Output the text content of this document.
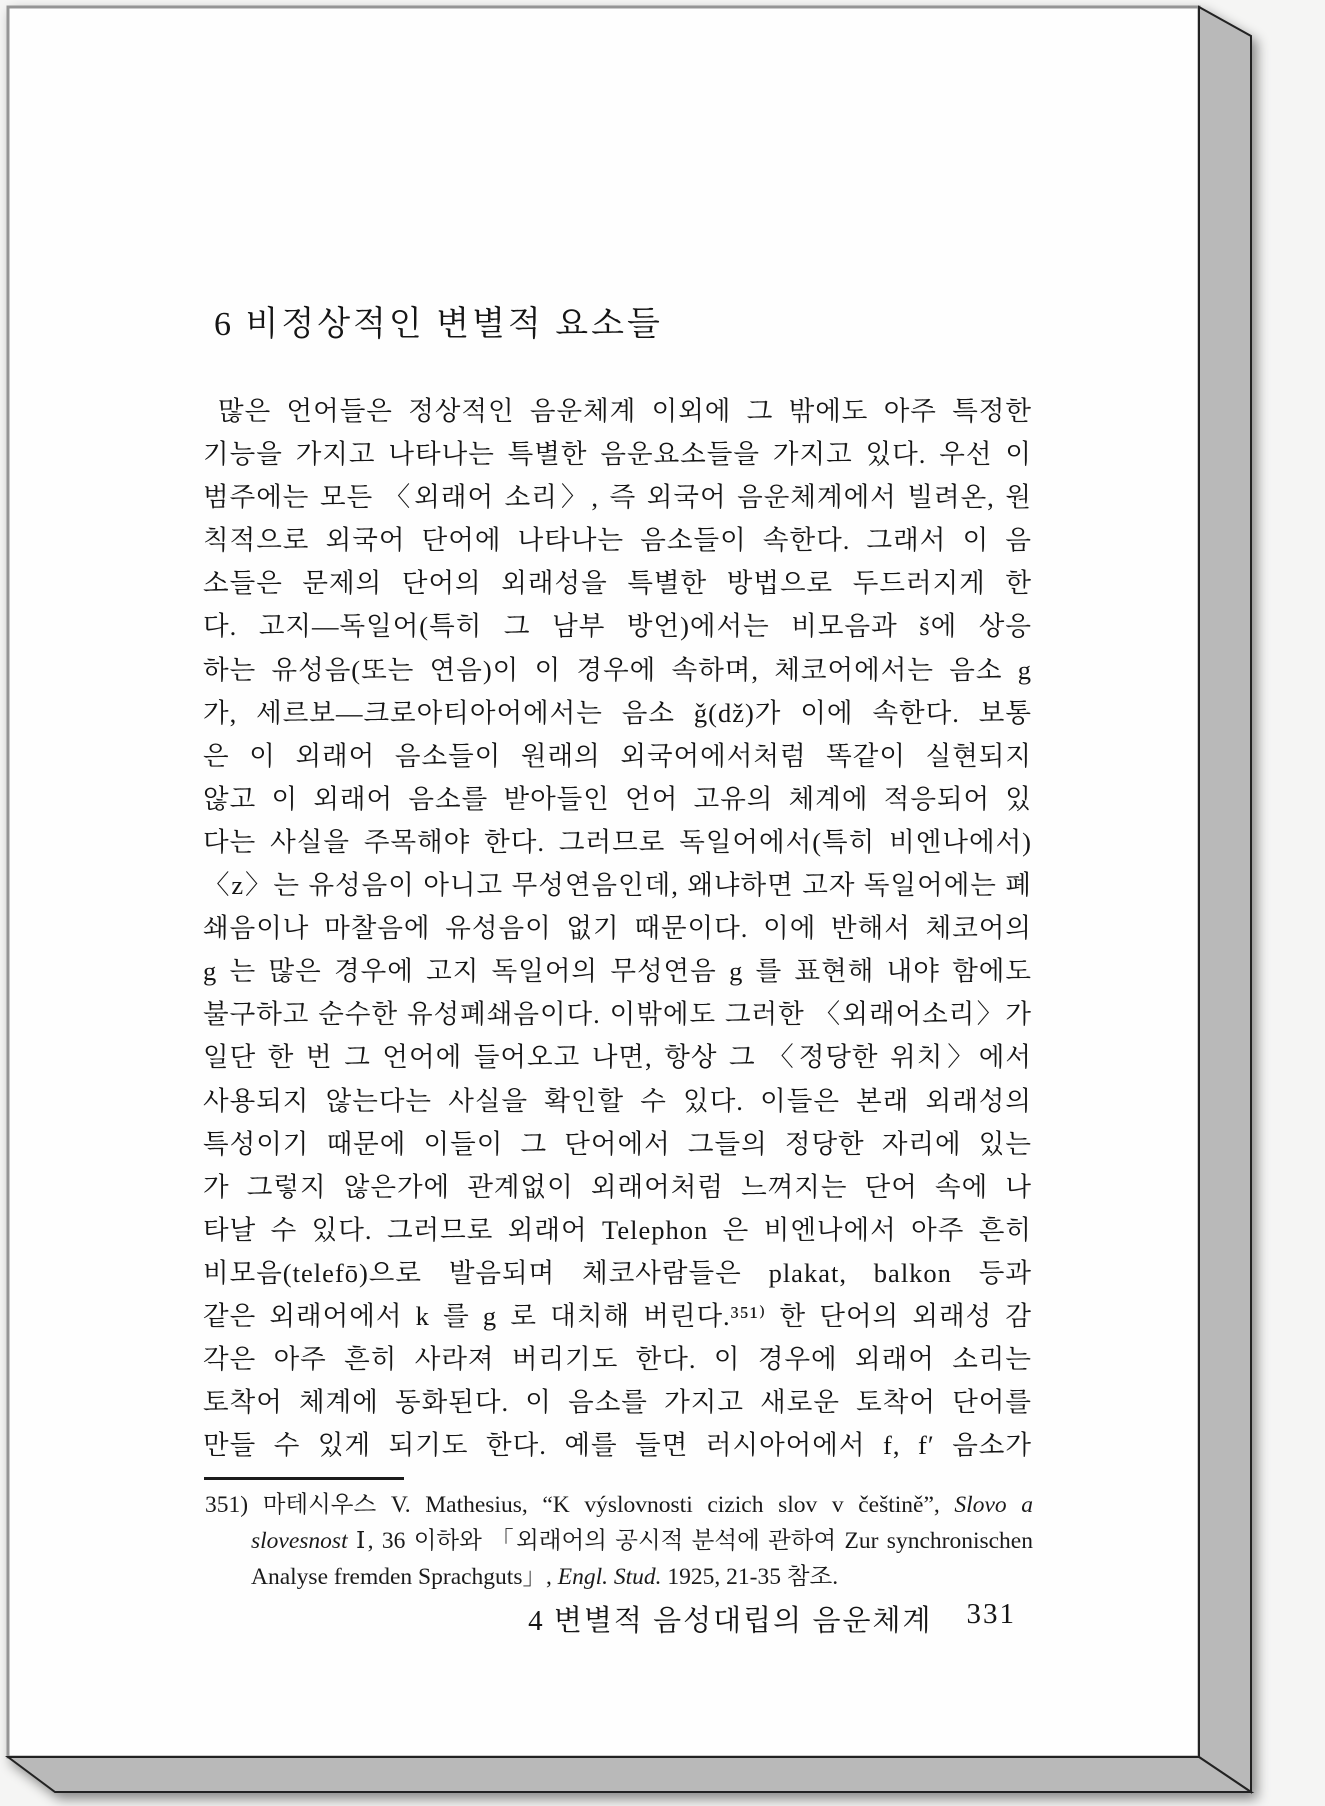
6 비정상적인 변별적 요소들
많은 언어들은 정상적인 음운체계 이외에 그 밖에도 아주 특정한
기능을 가지고 나타나는 특별한 음운요소들을 가지고 있다. 우선 이
범주에는 모든 〈외래어 소리〉, 즉 외국어 음운체계에서 빌려온, 원
칙적으로 외국어 단어에 나타나는 음소들이 속한다. 그래서 이 음
소들은 문제의 단어의 외래성을 특별한 방법으로 두드러지게 한
다. 고지—독일어(특히 그 남부 방언)에서는 비모음과 š에 상응
하는 유성음(또는 연음)이 이 경우에 속하며, 체코어에서는 음소 g
가, 세르보—크로아티아어에서는 음소 ǧ(dž)가 이에 속한다. 보통
은 이 외래어 음소들이 원래의 외국어에서처럼 똑같이 실현되지
않고 이 외래어 음소를 받아들인 언어 고유의 체계에 적응되어 있
다는 사실을 주목해야 한다. 그러므로 독일어에서(특히 비엔나에서)
〈z〉는 유성음이 아니고 무성연음인데, 왜냐하면 고자 독일어에는 폐
쇄음이나 마찰음에 유성음이 없기 때문이다. 이에 반해서 체코어의
g 는 많은 경우에 고지 독일어의 무성연음 g 를 표현해 내야 함에도
불구하고 순수한 유성폐쇄음이다. 이밖에도 그러한 〈외래어소리〉가
일단 한 번 그 언어에 들어오고 나면, 항상 그 〈정당한 위치〉에서
사용되지 않는다는 사실을 확인할 수 있다. 이들은 본래 외래성의
특성이기 때문에 이들이 그 단어에서 그들의 정당한 자리에 있는
가 그렇지 않은가에 관계없이 외래어처럼 느껴지는 단어 속에 나
타날 수 있다. 그러므로 외래어 Telephon 은 비엔나에서 아주 흔히
비모음(telefō)으로 발음되며 체코사람들은 plakat, balkon 등과
같은 외래어에서 k 를 g 로 대치해 버린다.³⁵¹⁾ 한 단어의 외래성 감
각은 아주 흔히 사라져 버리기도 한다. 이 경우에 외래어 소리는
토착어 체계에 동화된다. 이 음소를 가지고 새로운 토착어 단어를
만들 수 있게 되기도 한다. 예를 들면 러시아어에서 f, f′ 음소가
351) 마테시우스 V. Mathesius, “K výslovnosti cizich slov v češtině”, Slovo a
slovesnost Ⅰ, 36 이하와 「외래어의 공시적 분석에 관하여 Zur synchronischen
Analyse fremden Sprachguts」, Engl. Stud. 1925, 21-35 참조.
4 변별적 음성대립의 음운체계 331
